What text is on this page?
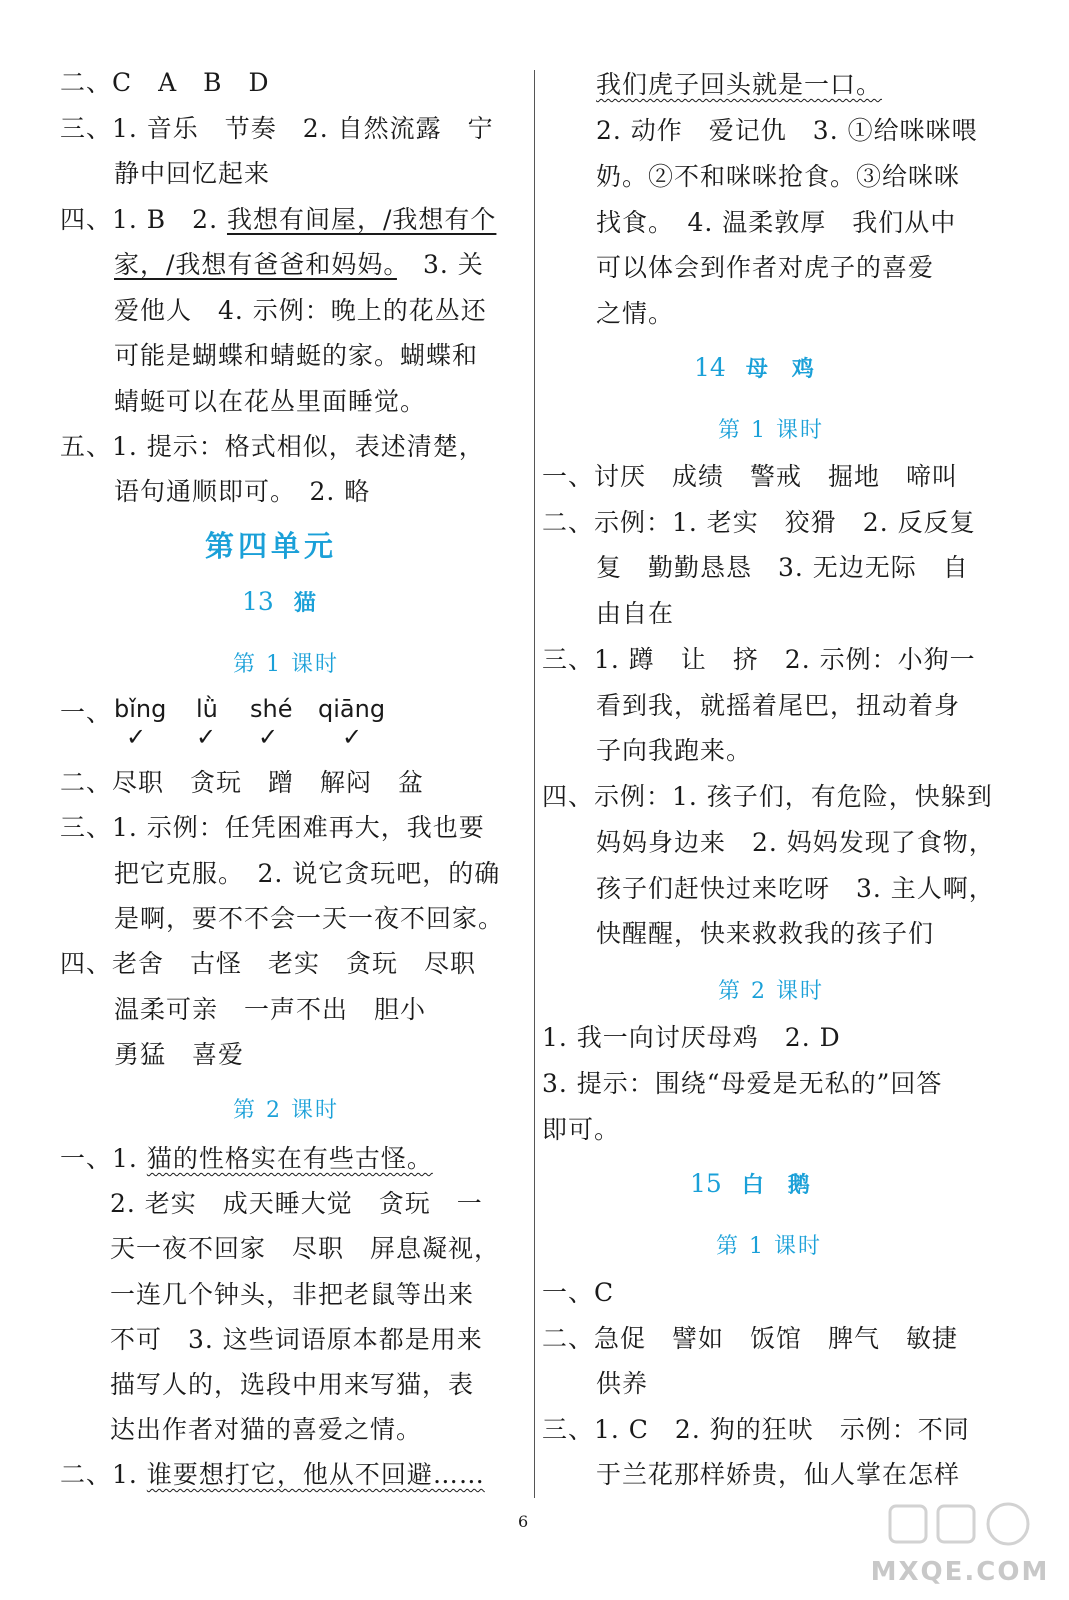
二、C　A　B　D
三、1. 音乐　节奏　2. 自然流露　宁
静中回忆起来
四、1. B　2. 我想有间屋，/我想有个
家，/我想有爸爸和妈妈。　3. 关
爱他人　4. 示例：晚上的花丛还
可能是蝴蝶和蜻蜓的家。蝴蝶和
蜻蜓可以在花丛里面睡觉。
五、1. 提示：格式相似，表述清楚，
语句通顺即可。　2. 略
第四单元
13 猫
第 1 课时
一、 bǐng lǜ shé qiāng
✓ ✓ ✓	✓
二、尽职　贪玩　蹭　解闷　盆
三、1. 示例：任凭困难再大，我也要
把它克服。　2. 说它贪玩吧，的确
是啊，要不不会一天一夜不回家。
四、老舍　古怪　老实　贪玩　尽职
温柔可亲　一声不出　胆小
勇猛　喜爱
第 2 课时
一、1. 猫的性格实在有些古怪。
2. 老实　成天睡大觉　贪玩　一
天一夜不回家　尽职　屏息凝视，
一连几个钟头，非把老鼠等出来
不可　3. 这些词语原本都是用来
描写人的，选段中用来写猫，表
达出作者对猫的喜爱之情。
二、1. 谁要想打它，他从不回避……
我们虎子回头就是一口。
2. 动作　爱记仇　3. ①给咪咪喂
奶。②不和咪咪抢食。③给咪咪
找食。　4. 温柔敦厚　我们从中
可以体会到作者对虎子的喜爱
之情。
14 母鸡
第 1 课时
一、讨厌　成绩　警戒　掘地　啼叫
二、示例：1. 老实　狡猾　2. 反反复
复　勤勤恳恳　3. 无边无际　自
由自在
三、1. 蹲　让　挤　2. 示例：小狗一
看到我，就摇着尾巴，扭动着身
子向我跑来。
四、示例：1. 孩子们，有危险，快躲到
妈妈身边来　2. 妈妈发现了食物，
孩子们赶快过来吃呀　3. 主人啊，
快醒醒，快来救救我的孩子们
第 2 课时
1. 我一向讨厌母鸡　2. D
3. 提示：围绕“母爱是无私的”回答
即可。
15 白鹅
第 1 课时
一、C
二、急促　譬如　饭馆　脾气　敏捷
供养
三、1. C　2. 狗的狂吠　示例：不同
于兰花那样娇贵，仙人掌在怎样
6
MXQE.COM
